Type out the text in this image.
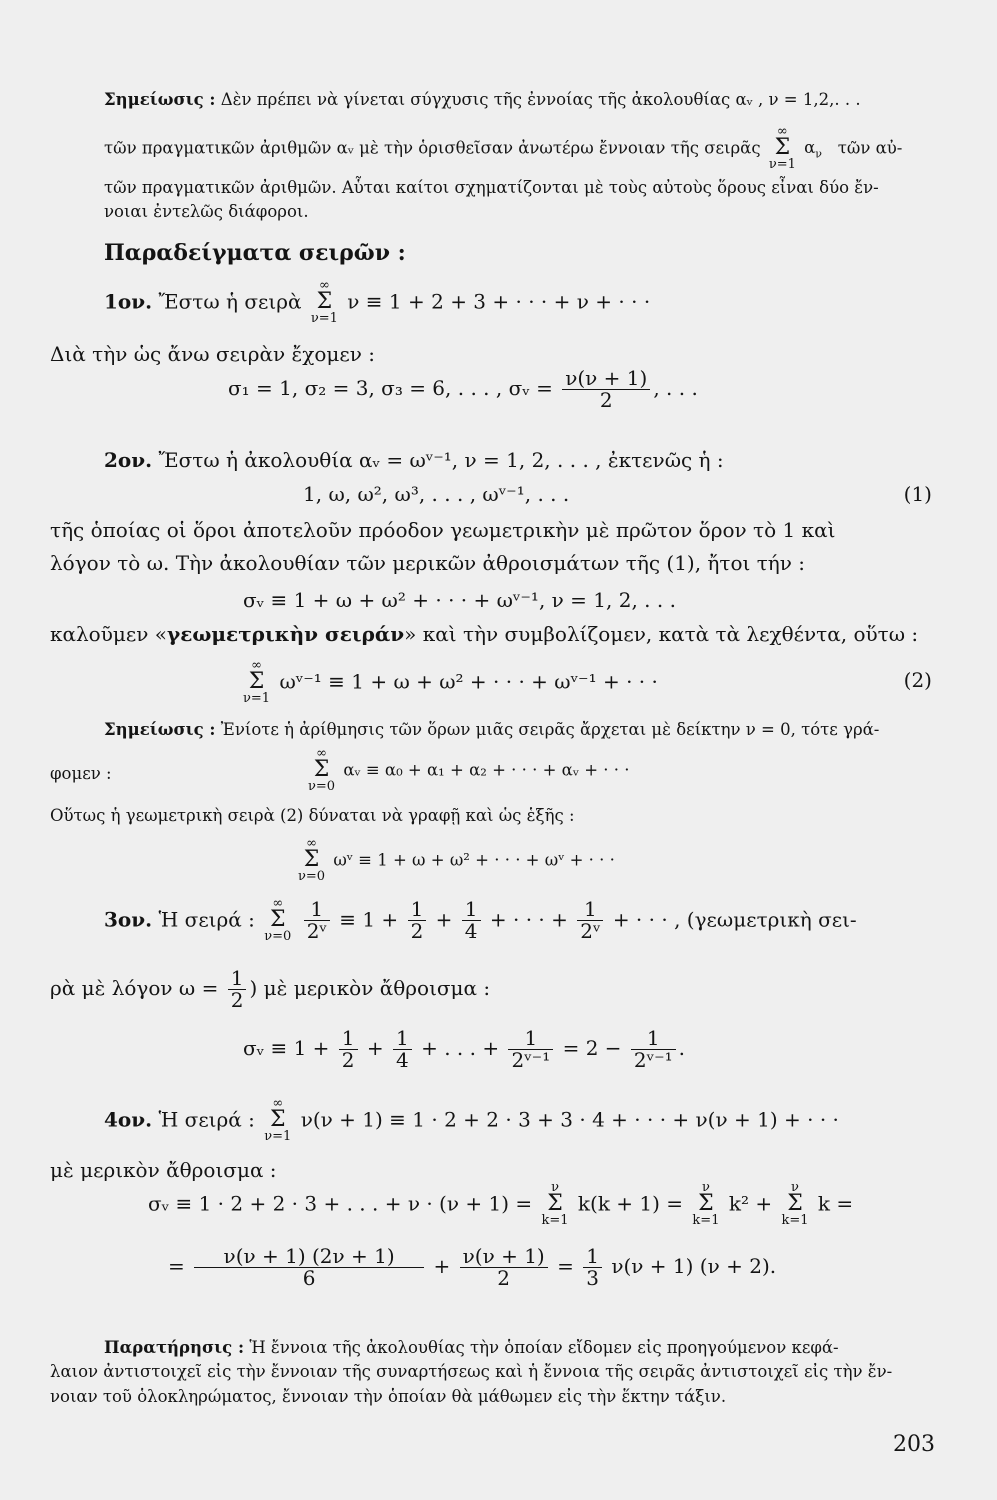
Σημείωσις : Δὲν πρέπει νὰ γίνεται σύγχυσις τῆς ἐννοίας τῆς ἀκολουθίας αᵥ , ν = 1,2,. . .
τῶν πραγματικῶν ἀριθμῶν αᵥ μὲ τὴν ὁρισθεῖσαν ἀνωτέρω ἔννοιαν τῆς σειρᾶς
∞
Σ
ν=1
$\alpha_\nu$ τῶν αὐ-
τῶν πραγματικῶν ἀριθμῶν. Αὗται καίτοι σχηματίζονται μὲ τοὺς αὐτοὺς ὅρους εἶναι δύο ἔν-
νοιαι ἐντελῶς διάφοροι.
Παραδείγματα σειρῶν :
1ον. Ἔστω ἡ σειρὰ
∞
Σ
ν=1
ν ≡ 1 + 2 + 3 + · · · + ν + · · ·
Διὰ τὴν ὡς ἄνω σειρὰν ἔχομεν :
σ₁ = 1, σ₂ = 3, σ₃ = 6, . . . , σᵥ = $\frac{\nu(\nu + 1)}{2}$ , . . .
2ον. Ἔστω ἡ ἀκολουθία αᵥ = ωᵛ⁻¹, ν = 1, 2, . . . , ἐκτενῶς ἡ :
1, ω, ω², ω³, . . . , ωᵛ⁻¹, . . .	(1)
τῆς ὁποίας οἱ ὅροι ἀποτελοῦν πρόοδον γεωμετρικὴν μὲ πρῶτον ὅρον τὸ 1 καὶ
λόγον τὸ ω. Τὴν ἀκολουθίαν τῶν μερικῶν ἀθροισμάτων τῆς (1), ἤτοι τήν :
σᵥ ≡ 1 + ω + ω² + · · · + ωᵛ⁻¹, ν = 1, 2, . . .
καλοῦμεν «γεωμετρικὴν σειράν» καὶ τὴν συμβολίζομεν, κατὰ τὰ λεχθέντα, οὕτω :
∞
Σ
ν=1
ωᵛ⁻¹ ≡ 1 + ω + ω² + · · · + ωᵛ⁻¹ + · · ·	(2)
Σημείωσις : Ἐνίοτε ἡ ἀρίθμησις τῶν ὅρων μιᾶς σειρᾶς ἄρχεται μὲ δείκτην ν = 0, τότε γρά-
φομεν :
∞
Σ
ν=0
αᵥ ≡ α₀ + α₁ + α₂ + · · · + αᵥ + · · ·
Οὕτως ἡ γεωμετρικὴ σειρὰ (2) δύναται νὰ γραφῇ καὶ ὡς ἑξῆς :
∞
Σ
ν=0
ωᵛ ≡ 1 + ω + ω² + · · · + ωᵛ + · · ·
3ον. Ἡ σειρά :
∞
Σ
ν=0
$\frac{1}{\text{2ᵛ}} \equiv 1 + \frac{1}{2} + \frac{1}{4}$ + · · · + $\frac{1}{\text{2ᵛ}}$ + · · · , (γεωμετρικὴ σει-
ρὰ μὲ λόγον $\omega = \frac{1}{2}$ ) μὲ μερικὸν ἄθροισμα :
σᵥ ≡ $1 + \frac{1}{2} + \frac{1}{4}$ + . . . + $\frac{1}{\text{2ᵛ⁻¹}} = 2 - \frac{1}{\text{2ᵛ⁻¹}}$ .
4ον. Ἡ σειρά :
∞
Σ
ν=1
ν(ν + 1) ≡ 1 · 2 + 2 · 3 + 3 · 4 + · · · + ν(ν + 1) + · · ·
μὲ μερικὸν ἄθροισμα :
σᵥ ≡ 1 · 2 + 2 · 3 + . . . + ν · (ν + 1) =
ν
Σ
k=1
k(k + 1) =
ν
Σ
k=1
k² +
ν
Σ
k=1
k =
= $\frac{\nu(\nu + 1) (2\nu + 1)}{6} + \frac{\nu(\nu + 1)}{2} = \frac{1}{3} \nu(\nu + 1) (\nu + 2)$.
Παρατήρησις : Ἡ ἔννοια τῆς ἀκολουθίας τὴν ὁποίαν εἴδομεν εἰς προηγούμενον κεφά-
λαιον ἀντιστοιχεῖ εἰς τὴν ἔννοιαν τῆς συναρτήσεως καὶ ἡ ἔννοια τῆς σειρᾶς ἀντιστοιχεῖ εἰς τὴν ἔν-
νοιαν τοῦ ὁλοκληρώματος, ἔννοιαν τὴν ὁποίαν θὰ μάθωμεν εἰς τὴν ἕκτην τάξιν.
203
